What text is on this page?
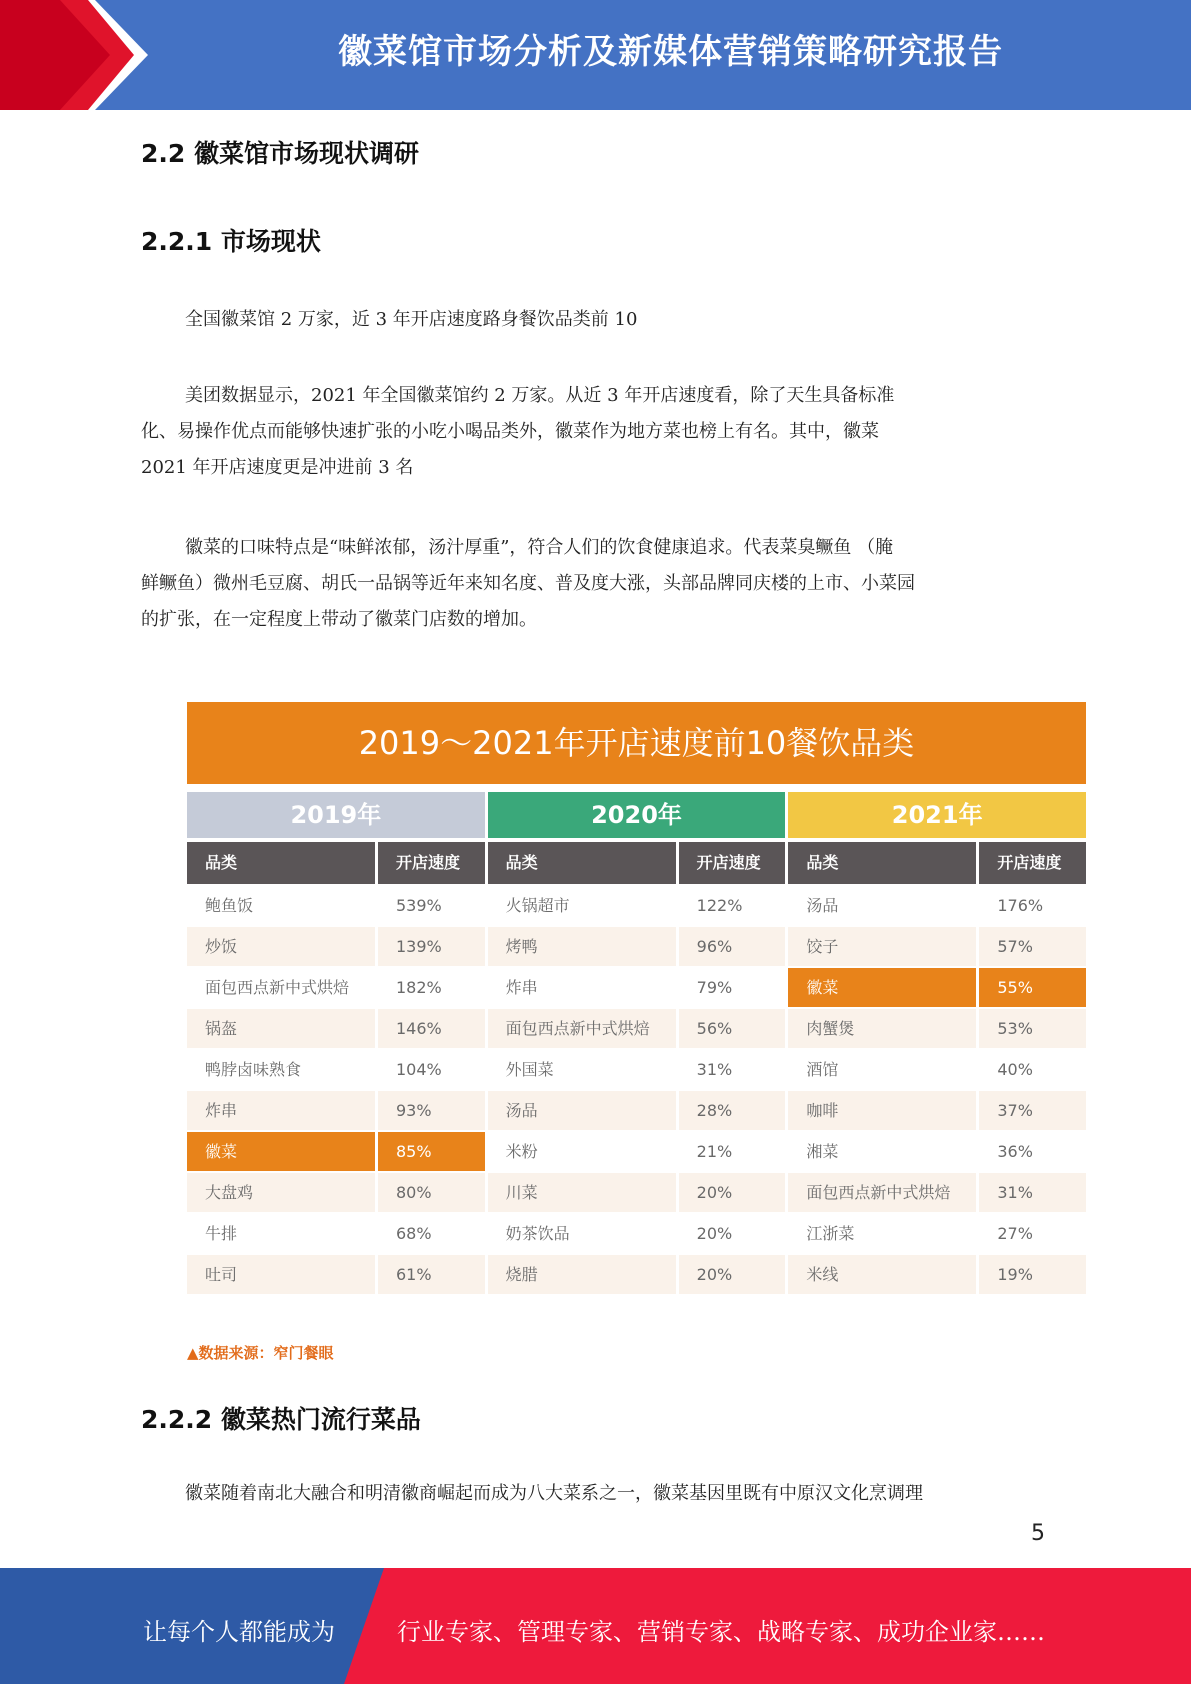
徽菜馆市场分析及新媒体营销策略研究报告
2.2 徽菜馆市场现状调研
2.2.1 市场现状
全国徽菜馆 2 万家，近 3 年开店速度路身餐饮品类前 10
美团数据显示，2021 年全国徽菜馆约 2 万家。从近 3 年开店速度看，除了天生具备标准
化、易操作优点而能够快速扩张的小吃小喝品类外，徽菜作为地方菜也榜上有名。其中，徽菜
2021 年开店速度更是冲进前 3 名
徽菜的口味特点是“味鲜浓郁，汤汁厚重”，符合人们的饮食健康追求。代表菜臭鳜鱼 （腌
鲜鳜鱼）微州毛豆腐、胡氏一品锅等近年来知名度、普及度大涨，头部品牌同庆楼的上市、小菜园
的扩张，在一定程度上带动了徽菜门店数的增加。
2019～2021年开店速度前10餐饮品类
2019年	2020年	2021年
品类	开店速度
鲍鱼饭	539%
炒饭	139%
面包西点新中式烘焙	182%
锅盔	146%
鸭脖卤味熟食	104%
炸串	93%
徽菜	85%
大盘鸡	80%
牛排	68%
吐司	61%
品类	开店速度
火锅超市	122%
烤鸭	96%
炸串	79%
面包西点新中式烘焙	56%
外国菜	31%
汤品	28%
米粉	21%
川菜	20%
奶茶饮品	20%
烧腊	20%
品类	开店速度
汤品	176%
饺子	57%
徽菜	55%
肉蟹煲	53%
酒馆	40%
咖啡	37%
湘菜	36%
面包西点新中式烘焙	31%
江浙菜	27%
米线	19%
▲数据来源：窄门餐眼
2.2.2 徽菜热门流行菜品
徽菜随着南北大融合和明清徽商崛起而成为八大菜系之一，徽菜基因里既有中原汉文化烹调理
5
让每个人都能成为	行业专家、管理专家、营销专家、战略专家、成功企业家……
